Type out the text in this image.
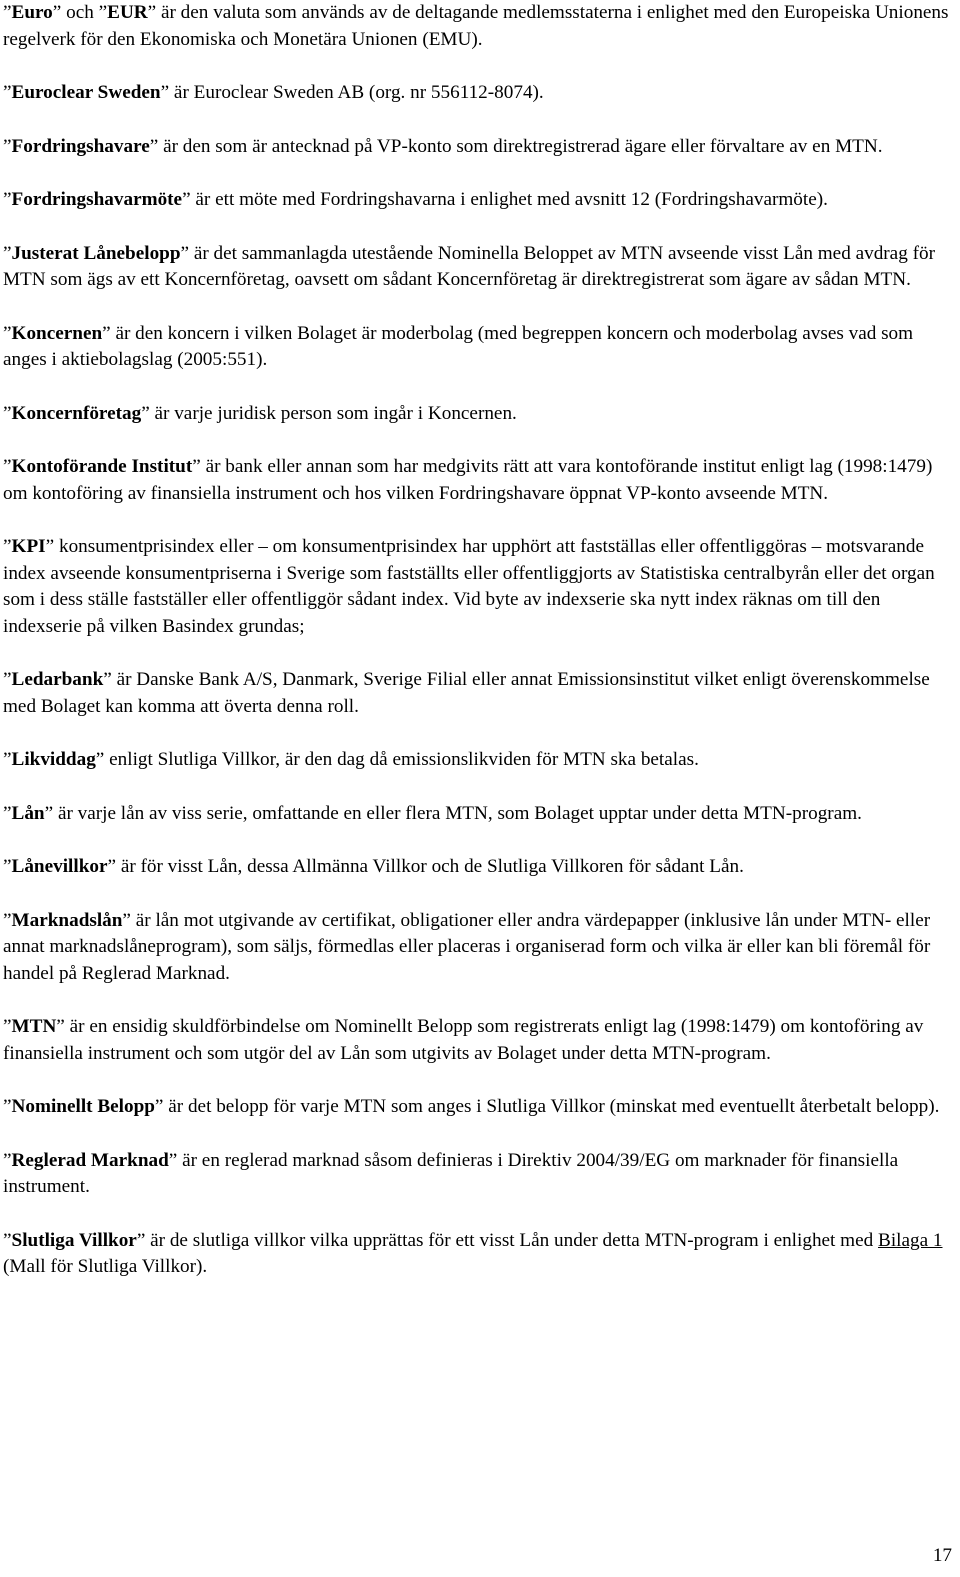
”Euro” och ”EUR” är den valuta som används av de deltagande medlemsstaterna i enlighet med den Europeiska Unionens regelverk för den Ekonomiska och Monetära Unionen (EMU).

”Euroclear Sweden” är Euroclear Sweden AB (org. nr 556112-8074).

”Fordringshavare” är den som är antecknad på VP-konto som direktregistrerad ägare eller förvaltare av en MTN.

”Fordringshavarmöte” är ett möte med Fordringshavarna i enlighet med avsnitt 12 (Fordringshavarmöte).

”Justerat Lånebelopp” är det sammanlagda utestående Nominella Beloppet av MTN avseende visst Lån med avdrag för MTN som ägs av ett Koncernföretag, oavsett om sådant Koncernföretag är direktregistrerat som ägare av sådan MTN.

”Koncernen” är den koncern i vilken Bolaget är moderbolag (med begreppen koncern och moderbolag avses vad som anges i aktiebolagslag (2005:551).

”Koncernföretag” är varje juridisk person som ingår i Koncernen.

”Kontoförande Institut” är bank eller annan som har medgivits rätt att vara kontoförande institut enligt lag (1998:1479) om kontoföring av finansiella instrument och hos vilken Fordringshavare öppnat VP-konto avseende MTN.

”KPI” konsumentprisindex eller – om konsumentprisindex har upphört att fastställas eller offentliggöras – motsvarande index avseende konsumentpriserna i Sverige som fastställts eller offentliggjorts av Statistiska centralbyrån eller det organ som i dess ställe fastställer eller offentliggör sådant index. Vid byte av indexserie ska nytt index räknas om till den indexserie på vilken Basindex grundas;

”Ledarbank” är Danske Bank A/S, Danmark, Sverige Filial eller annat Emissionsinstitut vilket enligt överenskommelse med Bolaget kan komma att överta denna roll.

”Likviddag” enligt Slutliga Villkor, är den dag då emissionslikviden för MTN ska betalas.

”Lån” är varje lån av viss serie, omfattande en eller flera MTN, som Bolaget upptar under detta MTN-program.

”Lånevillkor” är för visst Lån, dessa Allmänna Villkor och de Slutliga Villkoren för sådant Lån.

”Marknadslån” är lån mot utgivande av certifikat, obligationer eller andra värdepapper (inklusive lån under MTN- eller annat marknadslåneprogram), som säljs, förmedlas eller placeras i organiserad form och vilka är eller kan bli föremål för handel på Reglerad Marknad.

”MTN” är en ensidig skuldförbindelse om Nominellt Belopp som registrerats enligt lag (1998:1479) om kontoföring av finansiella instrument och som utgör del av Lån som utgivits av Bolaget under detta MTN-program.

”Nominellt Belopp” är det belopp för varje MTN som anges i Slutliga Villkor (minskat med eventuellt återbetalt belopp).

”Reglerad Marknad” är en reglerad marknad såsom definieras i Direktiv 2004/39/EG om marknader för finansiella instrument.

”Slutliga Villkor” är de slutliga villkor vilka upprättas för ett visst Lån under detta MTN-program i enlighet med Bilaga 1 (Mall för Slutliga Villkor).

17
